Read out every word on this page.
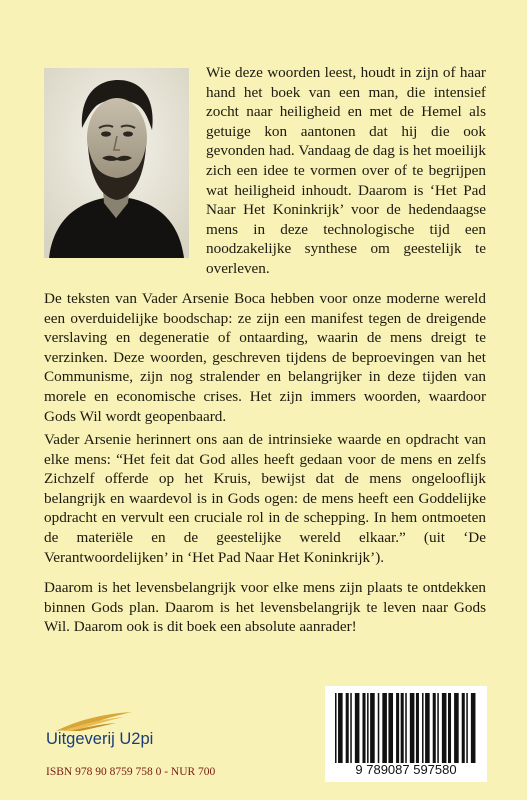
Wie deze woorden leest, houdt in zijn of haar hand het boek van een man, die intensief zocht naar heiligheid en met de Hemel als getuige kon aantonen dat hij die ook gevonden had. Vandaag de dag is het moeilijk zich een idee te vormen over of te begrijpen wat heiligheid inhoudt. Daarom is ‘Het Pad Naar Het Koninkrijk’ voor de hedendaagse mens in deze technologische tijd een noodzakelijke synthese om geestelijk te overleven.
De teksten van Vader Arsenie Boca hebben voor onze moderne wereld een overduidelijke boodschap: ze zijn een manifest tegen de dreigende verslaving en degeneratie of ontaarding, waarin de mens dreigt te verzinken. Deze woorden, geschreven tijdens de beproevingen van het Communisme, zijn nog stralender en belangrijker in deze tijden van morele en economische crises. Het zijn immers woorden, waardoor Gods Wil wordt geopenbaard.
Vader Arsenie herinnert ons aan de intrinsieke waarde en opdracht van elke mens: “Het feit dat God alles heeft gedaan voor de mens en zelfs Zichzelf offerde op het Kruis, bewijst dat de mens ongelooflijk belangrijk en waardevol is in Gods ogen: de mens heeft een Goddelijke opdracht en vervult een cruciale rol in de schepping. In hem ontmoeten de materiële en de geestelijke wereld elkaar.” (uit ‘De Verantwoordelijken’ in ‘Het Pad Naar Het Koninkrijk’).
Daarom is het levensbelangrijk voor elke mens zijn plaats te ontdekken binnen Gods plan. Daarom is het levensbelangrijk te leven naar Gods Wil. Daarom ook is dit boek een absolute aanrader!
Uitgeverij U2pi
ISBN 978 90 8759 758 0 - NUR 700	9 789087 597580
